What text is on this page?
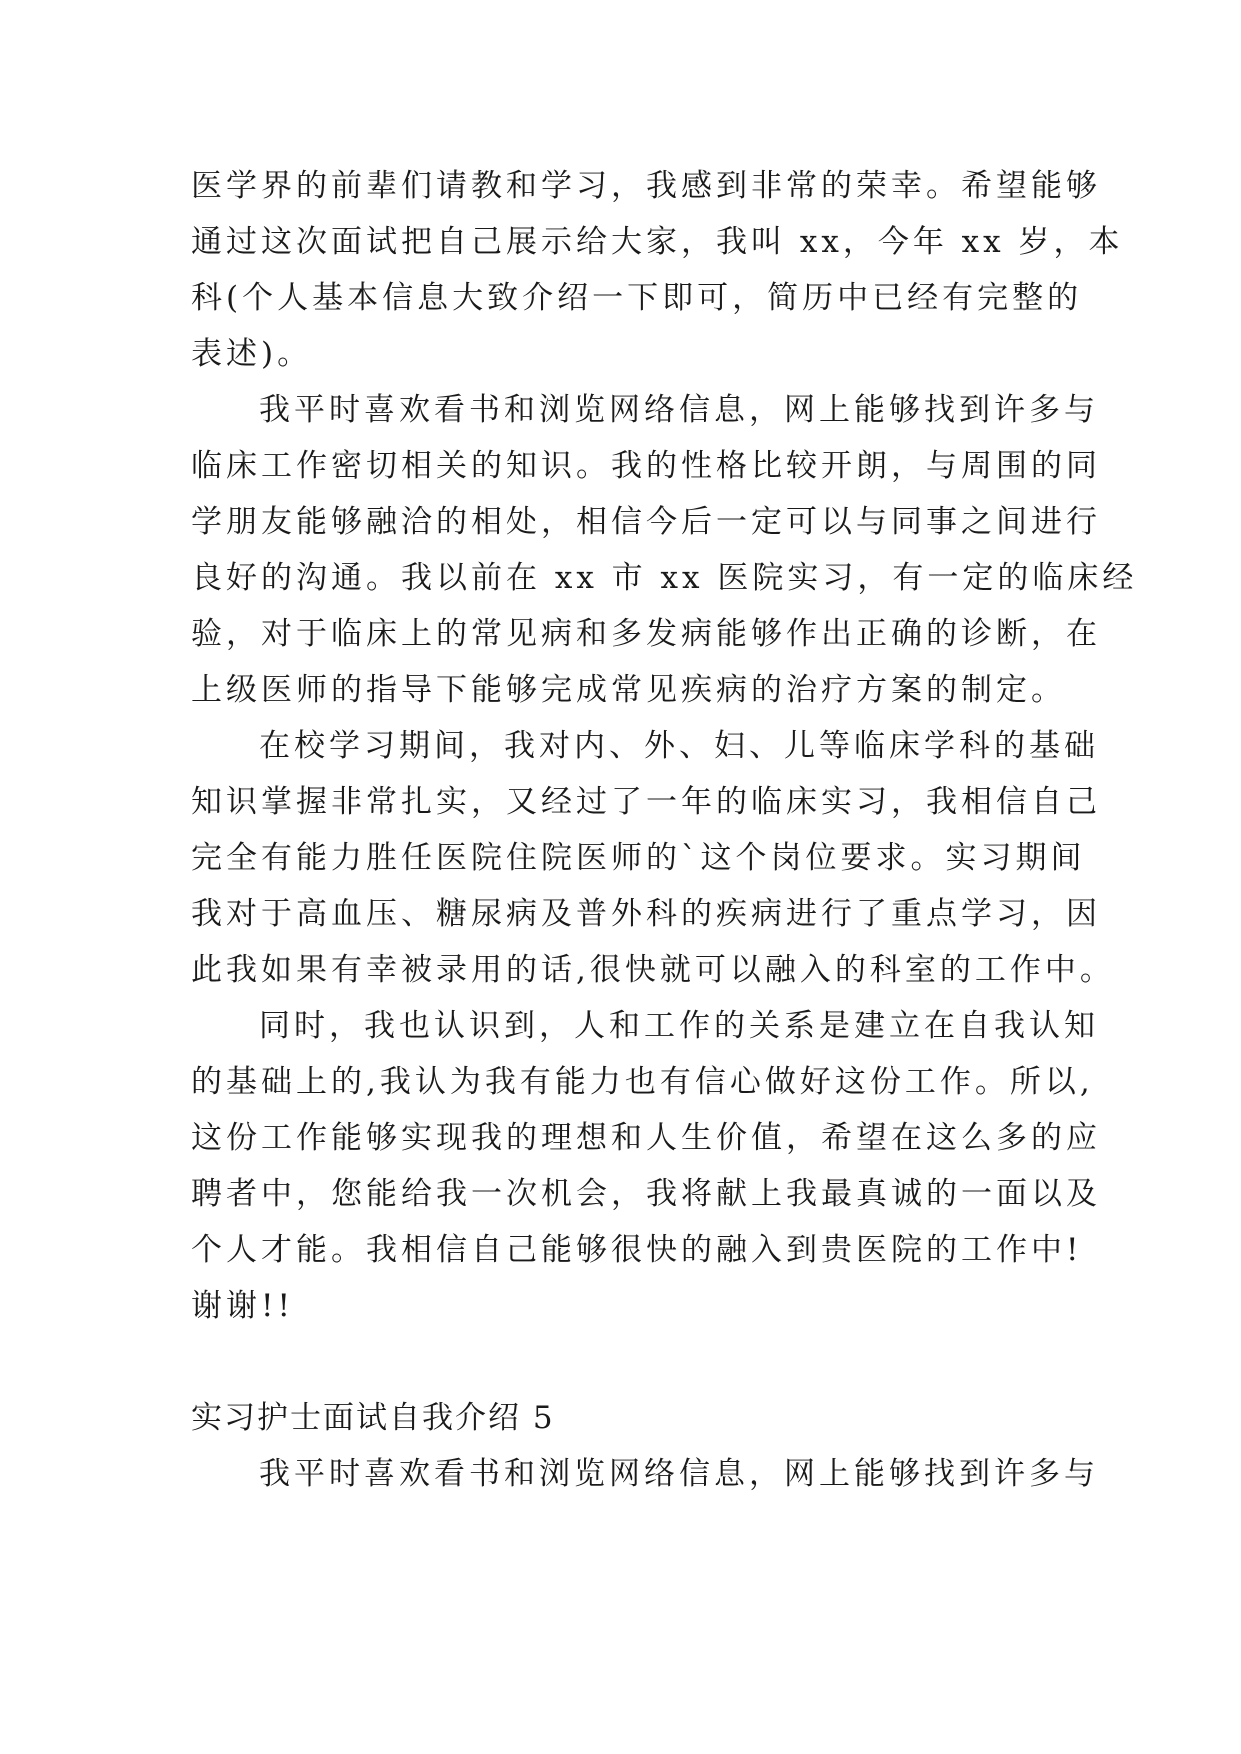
医学界的前辈们请教和学习，我感到非常的荣幸。希望能够
通过这次面试把自己展示给大家，我叫 xx，今年 xx 岁，本
科(个人基本信息大致介绍一下即可，简历中已经有完整的
表述)。
我平时喜欢看书和浏览网络信息，网上能够找到许多与
临床工作密切相关的知识。我的性格比较开朗，与周围的同
学朋友能够融洽的相处，相信今后一定可以与同事之间进行
良好的沟通。我以前在 xx 市 xx 医院实习，有一定的临床经
验，对于临床上的常见病和多发病能够作出正确的诊断，在
上级医师的指导下能够完成常见疾病的治疗方案的制定。
在校学习期间，我对内、外、妇、儿等临床学科的基础
知识掌握非常扎实，又经过了一年的临床实习，我相信自己
完全有能力胜任医院住院医师的`这个岗位要求。实习期间
我对于高血压、糖尿病及普外科的疾病进行了重点学习，因
此我如果有幸被录用的话,很快就可以融入的科室的工作中。
同时，我也认识到，人和工作的关系是建立在自我认知
的基础上的,我认为我有能力也有信心做好这份工作。所以,
这份工作能够实现我的理想和人生价值，希望在这么多的应
聘者中，您能给我一次机会，我将献上我最真诚的一面以及
个人才能。我相信自己能够很快的融入到贵医院的工作中!
谢谢!!
实习护士面试自我介绍 5
我平时喜欢看书和浏览网络信息，网上能够找到许多与
